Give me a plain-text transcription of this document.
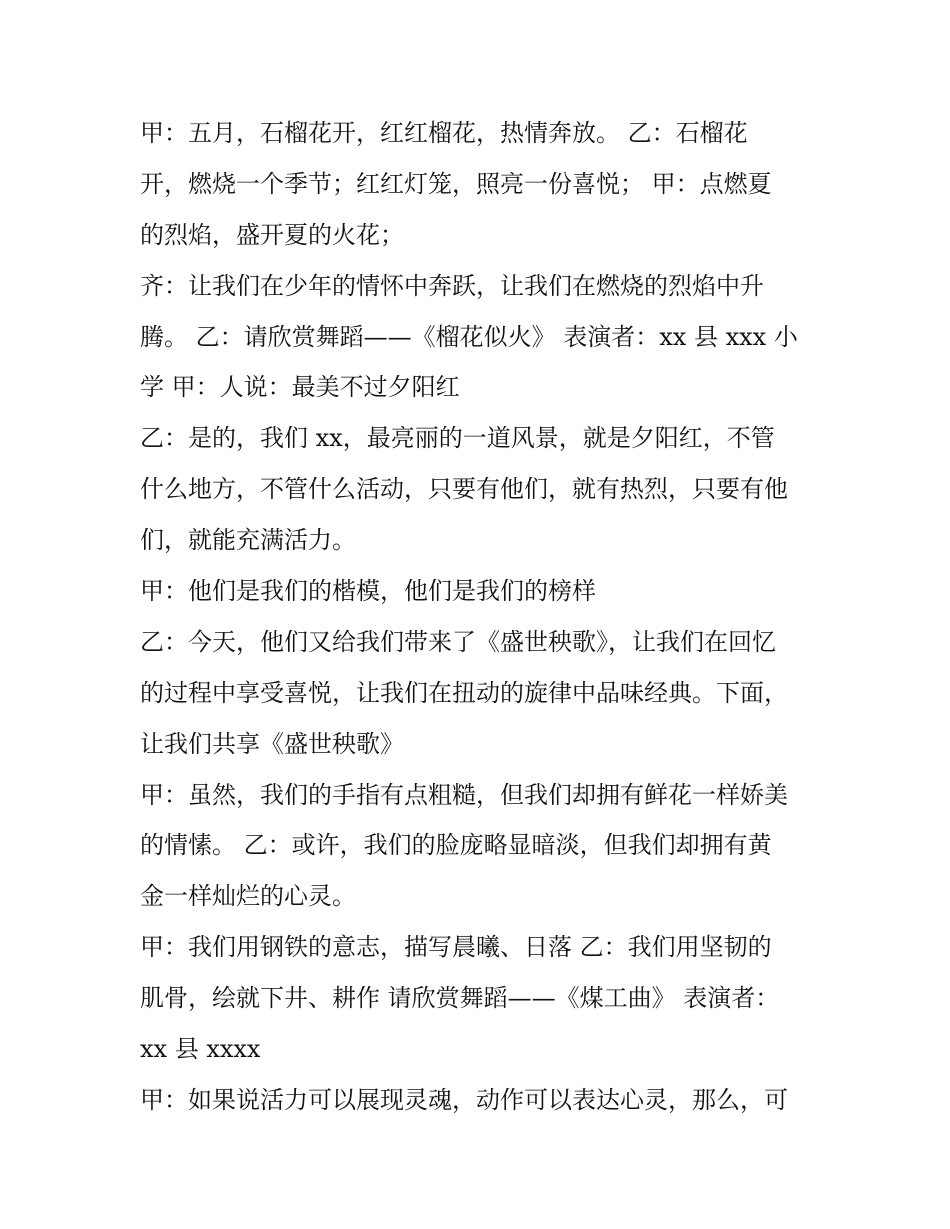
甲：五月，石榴花开，红红榴花，热情奔放。 乙：石榴花
开，燃烧一个季节；红红灯笼，照亮一份喜悦； 甲：点燃夏
的烈焰，盛开夏的火花；
齐：让我们在少年的情怀中奔跃，让我们在燃烧的烈焰中升
腾。 乙：请欣赏舞蹈——《榴花似火》 表演者：xx 县 xxx 小
学 甲：人说：最美不过夕阳红
乙：是的，我们 xx，最亮丽的一道风景，就是夕阳红，不管
什么地方，不管什么活动，只要有他们，就有热烈，只要有他
们，就能充满活力。
甲：他们是我们的楷模，他们是我们的榜样
乙：今天，他们又给我们带来了《盛世秧歌》，让我们在回忆
的过程中享受喜悦，让我们在扭动的旋律中品味经典。下面，
让我们共享《盛世秧歌》
甲：虽然，我们的手指有点粗糙，但我们却拥有鲜花一样娇美
的情愫。 乙：或许，我们的脸庞略显暗淡，但我们却拥有黄
金一样灿烂的心灵。
甲：我们用钢铁的意志，描写晨曦、日落 乙：我们用坚韧的
肌骨，绘就下井、耕作 请欣赏舞蹈——《煤工曲》 表演者：
xx 县 xxxx
甲：如果说活力可以展现灵魂，动作可以表达心灵，那么，可
